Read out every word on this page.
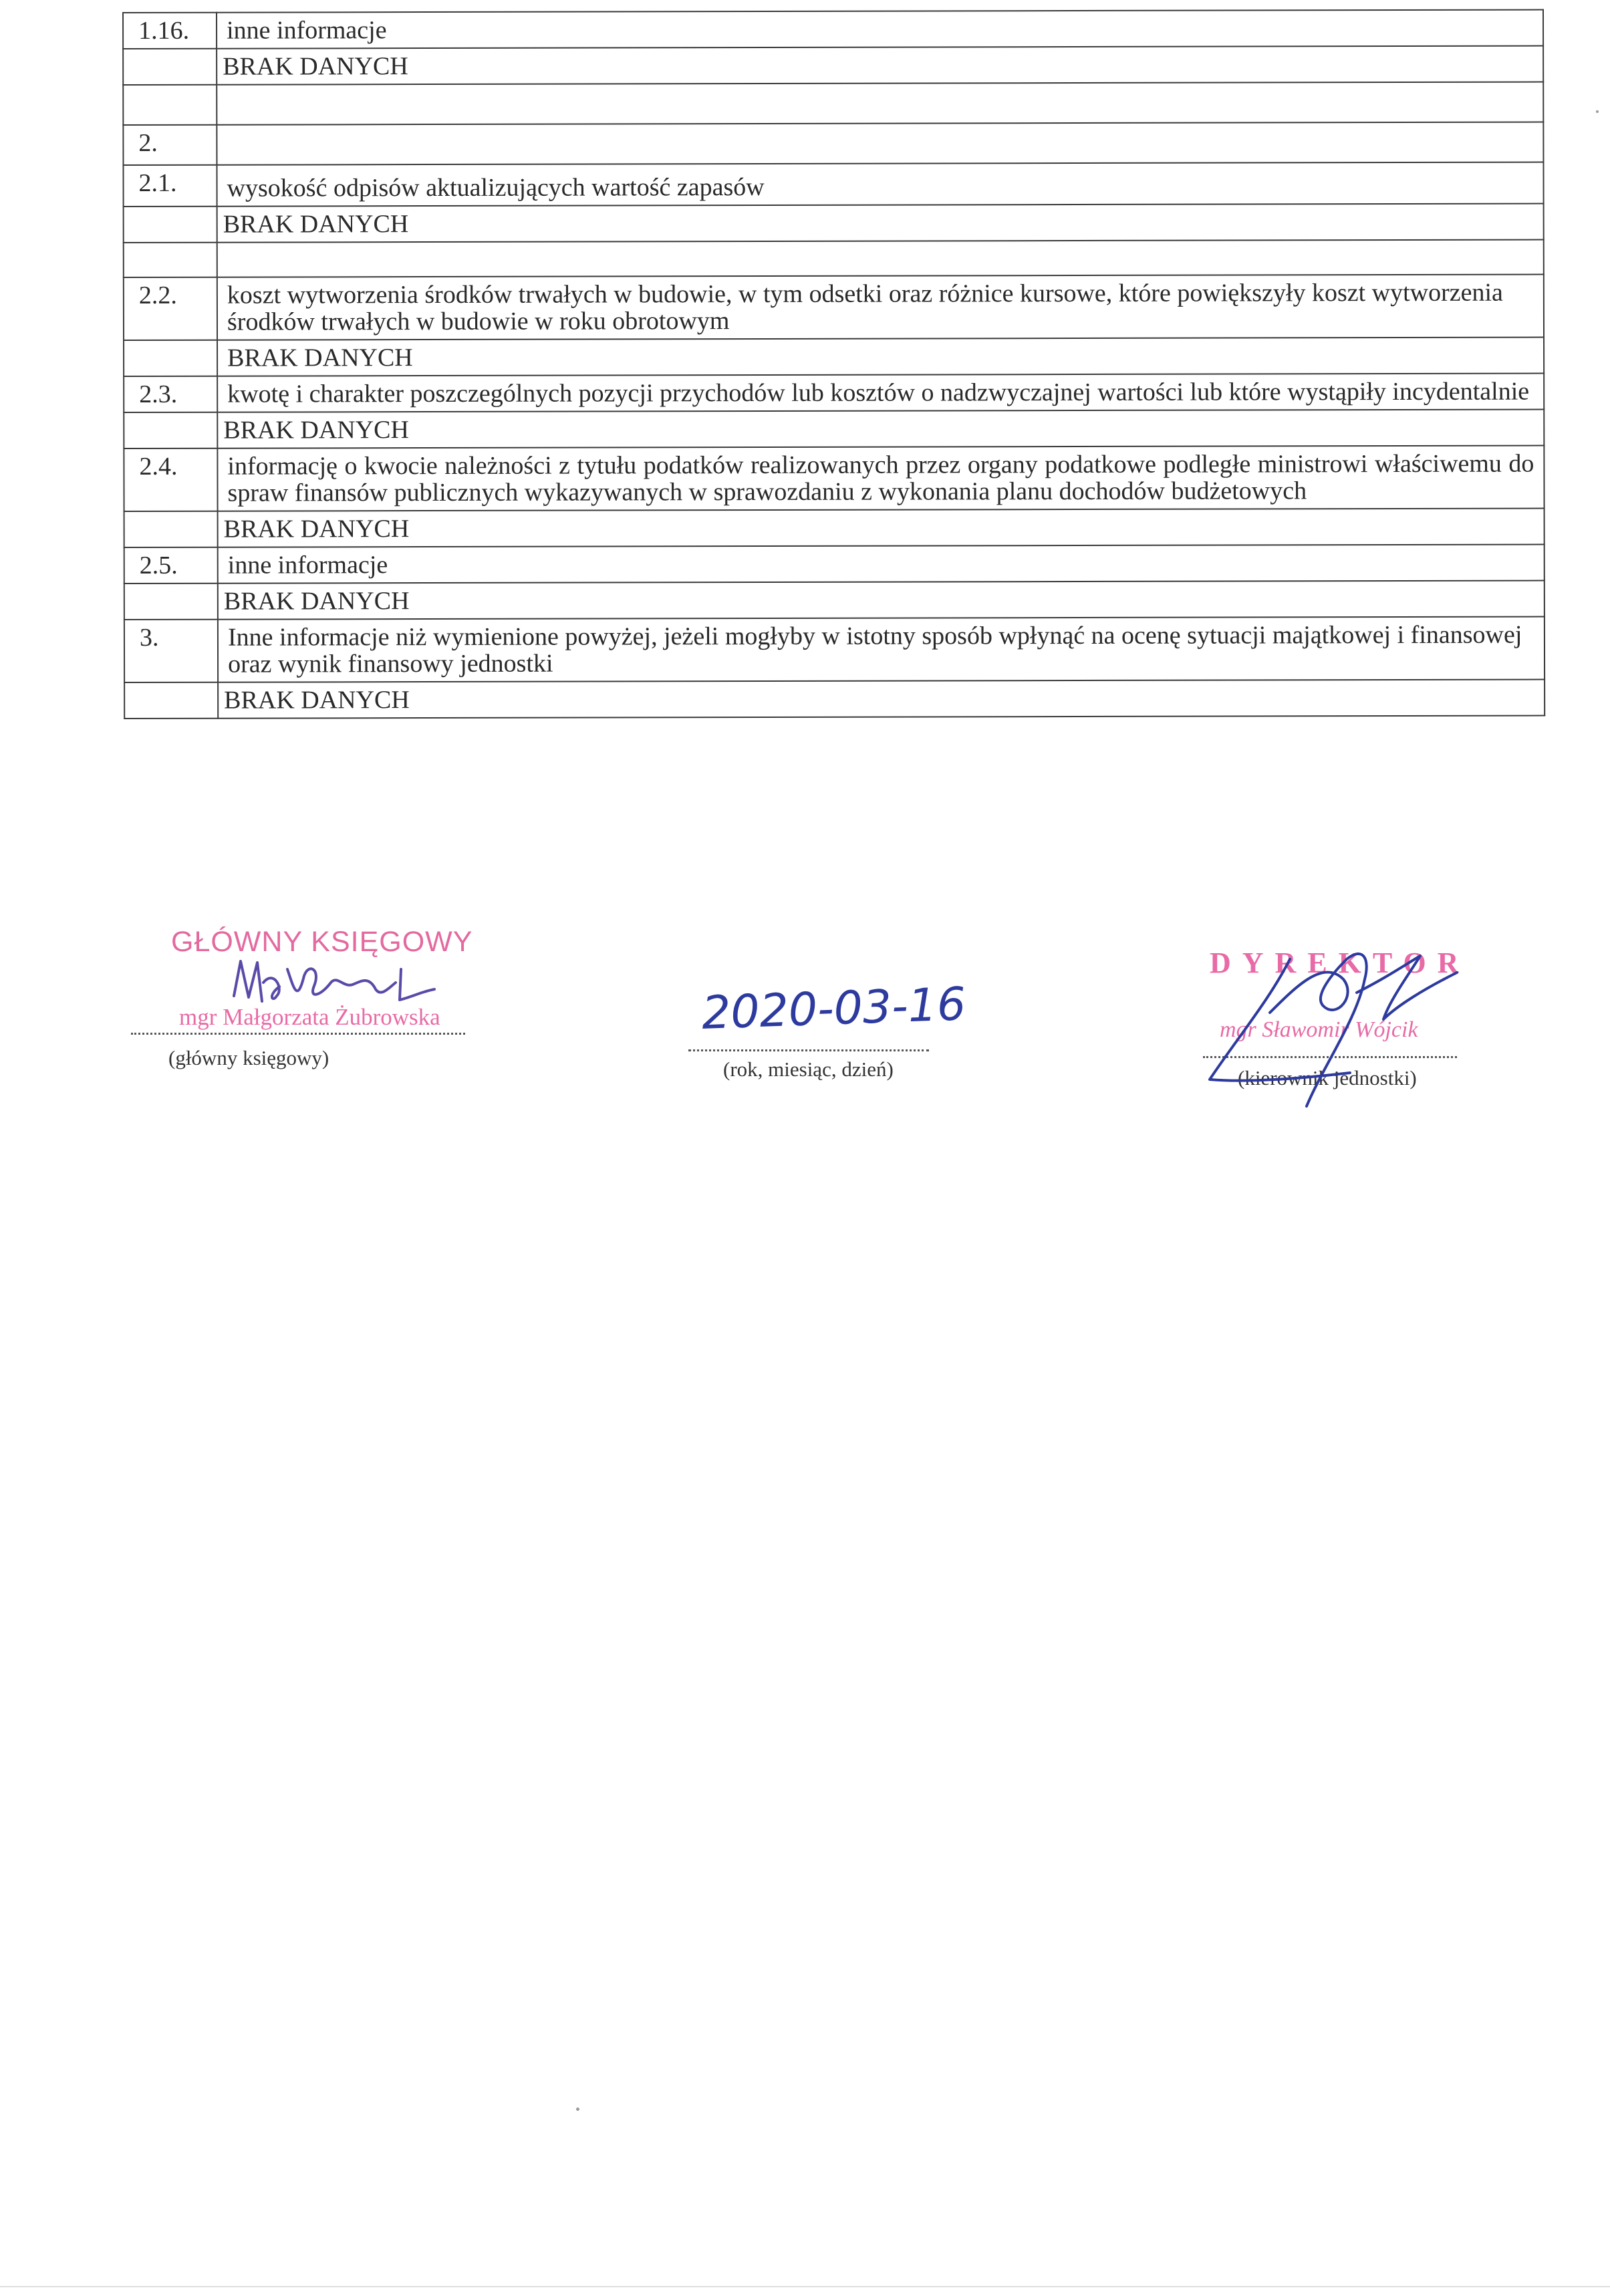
1.16.	inne informacje
	BRAK DANYCH

2.	
2.1.	wysokość odpisów aktualizujących wartość zapasów
	BRAK DANYCH

2.2.	koszt wytworzenia środków trwałych w budowie, w tym odsetki oraz różnice kursowe, które powiększyły koszt wytworzenia środków trwałych w budowie w roku obrotowym
	BRAK DANYCH
2.3.	kwotę i charakter poszczególnych pozycji przychodów lub kosztów o nadzwyczajnej wartości lub które wystąpiły incydentalnie
	BRAK DANYCH
2.4.	informację o kwocie należności z tytułu podatków realizowanych przez organy podatkowe podległe ministrowi właściwemu do spraw finansów publicznych wykazywanych w sprawozdaniu z wykonania planu dochodów budżetowych
	BRAK DANYCH
2.5.	inne informacje
	BRAK DANYCH
3.	Inne informacje niż wymienione powyżej, jeżeli mogłyby w istotny sposób wpłynąć na ocenę sytuacji majątkowej i finansowej oraz wynik finansowy jednostki
	BRAK DANYCH
GŁÓWNY KSIĘGOWY
mgr Małgorzata Żubrowska
(główny księgowy)
2020-03-16
(rok, miesiąc, dzień)
DYREKTOR
mgr Sławomir Wójcik
(kierownik jednostki)
